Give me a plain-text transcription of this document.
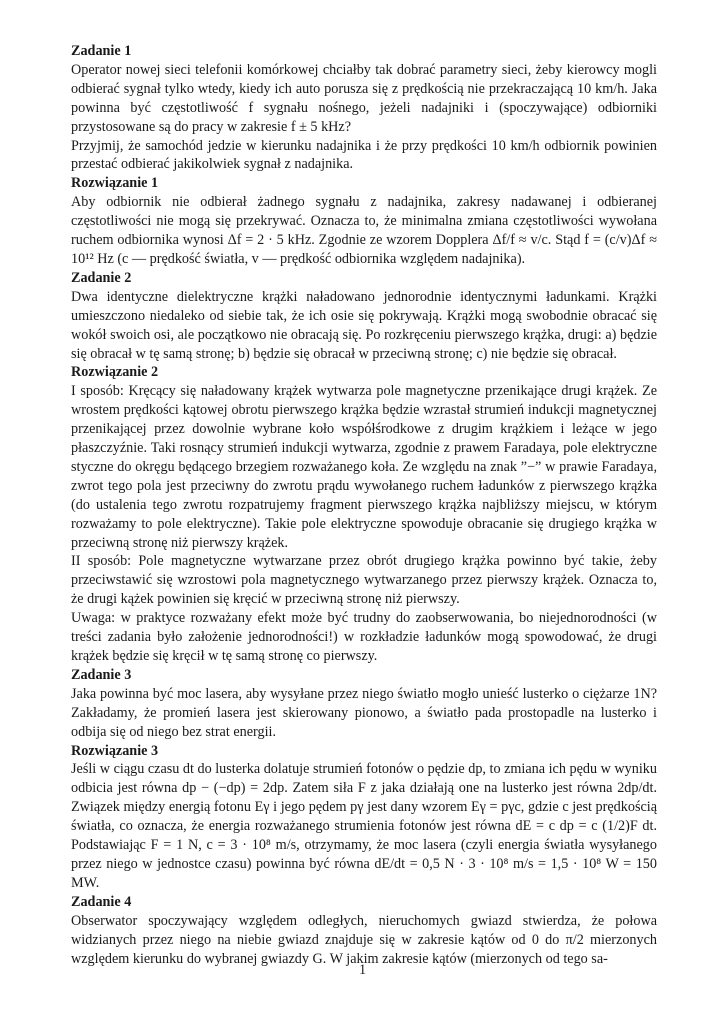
Zadanie 1

Operator nowej sieci telefonii komórkowej chciałby tak dobrać parametry sieci, żeby kierowcy mogli odbierać sygnał tylko wtedy, kiedy ich auto porusza się z prędkością nie przekraczającą 10 km/h. Jaka powinna być częstotliwość f sygnału nośnego, jeżeli nadajniki i (spoczywające) odbiorniki przystosowane są do pracy w zakresie f ± 5 kHz?

Przyjmij, że samochód jedzie w kierunku nadajnika i że przy prędkości 10 km/h odbiornik powinien przestać odbierać jakikolwiek sygnał z nadajnika.

Rozwiązanie 1

Aby odbiornik nie odbierał żadnego sygnału z nadajnika, zakresy nadawanej i odbieranej częstotliwości nie mogą się przekrywać. Oznacza to, że minimalna zmiana częstotliwości wywołana ruchem odbiornika wynosi Δf = 2 · 5 kHz. Zgodnie ze wzorem Dopplera Δf/f ≈ v/c. Stąd f = (c/v)Δf ≈ 10¹² Hz (c — prędkość światła, v — prędkość odbiornika względem nadajnika).

Zadanie 2

Dwa identyczne dielektryczne krążki naładowano jednorodnie identycznymi ładunkami. Krążki umieszczono niedaleko od siebie tak, że ich osie się pokrywają. Krążki mogą swobodnie obracać się wokół swoich osi, ale początkowo nie obracają się. Po rozkręceniu pierwszego krążka, drugi: a) będzie się obracał w tę samą stronę; b) będzie się obracał w przeciwną stronę; c) nie będzie się obracał.

Rozwiązanie 2

I sposób: Kręcący się naładowany krążek wytwarza pole magnetyczne przenikające drugi krążek. Ze wrostem prędkości kątowej obrotu pierwszego krążka będzie wzrastał strumień indukcji magnetycznej przenikającej przez dowolnie wybrane koło współśrodkowe z drugim krążkiem i leżące w jego płaszczyźnie. Taki rosnący strumień indukcji wytwarza, zgodnie z prawem Faradaya, pole elektryczne styczne do okręgu będącego brzegiem rozważanego koła. Ze względu na znak ”−” w prawie Faradaya, zwrot tego pola jest przeciwny do zwrotu prądu wywołanego ruchem ładunków z pierwszego krążka (do ustalenia tego zwrotu rozpatrujemy fragment pierwszego krążka najbliższy miejscu, w którym rozważamy to pole elektryczne). Takie pole elektryczne spowoduje obracanie się drugiego krążka w przeciwną stronę niż pierwszy krążek.

II sposób: Pole magnetyczne wytwarzane przez obrót drugiego krążka powinno być takie, żeby przeciwstawić się wzrostowi pola magnetycznego wytwarzanego przez pierwszy krążek. Oznacza to, że drugi kążek powinien się kręcić w przeciwną stronę niż pierwszy.

Uwaga: w praktyce rozważany efekt może być trudny do zaobserwowania, bo niejednorodności (w treści zadania było założenie jednorodności!) w rozkładzie ładunków mogą spowodować, że drugi krążek będzie się kręcił w tę samą stronę co pierwszy.

Zadanie 3

Jaka powinna być moc lasera, aby wysyłane przez niego światło mogło unieść lusterko o ciężarze 1N? Zakładamy, że promień lasera jest skierowany pionowo, a światło pada prostopadle na lusterko i odbija się od niego bez strat energii.

Rozwiązanie 3

Jeśli w ciągu czasu dt do lusterka dolatuje strumień fotonów o pędzie dp, to zmiana ich pędu w wyniku odbicia jest równa dp − (−dp) = 2dp. Zatem siła F z jaka działają one na lusterko jest równa 2dp/dt. Związek między energią fotonu Eγ i jego pędem pγ jest dany wzorem Eγ = pγc, gdzie c jest prędkością światła, co oznacza, że energia rozważanego strumienia fotonów jest równa dE = c dp = c (1/2)F dt. Podstawiając F = 1 N, c = 3 · 10⁸ m/s, otrzymamy, że moc lasera (czyli energia światła wysyłanego przez niego w jednostce czasu) powinna być równa dE/dt = 0,5 N · 3 · 10⁸ m/s = 1,5 · 10⁸ W = 150 MW.

Zadanie 4

Obserwator spoczywający względem odległych, nieruchomych gwiazd stwierdza, że połowa widzianych przez niego na niebie gwiazd znajduje się w zakresie kątów od 0 do π/2 mierzonych względem kierunku do wybranej gwiazdy G. W jakim zakresie kątów (mierzonych od tego sa-

1
